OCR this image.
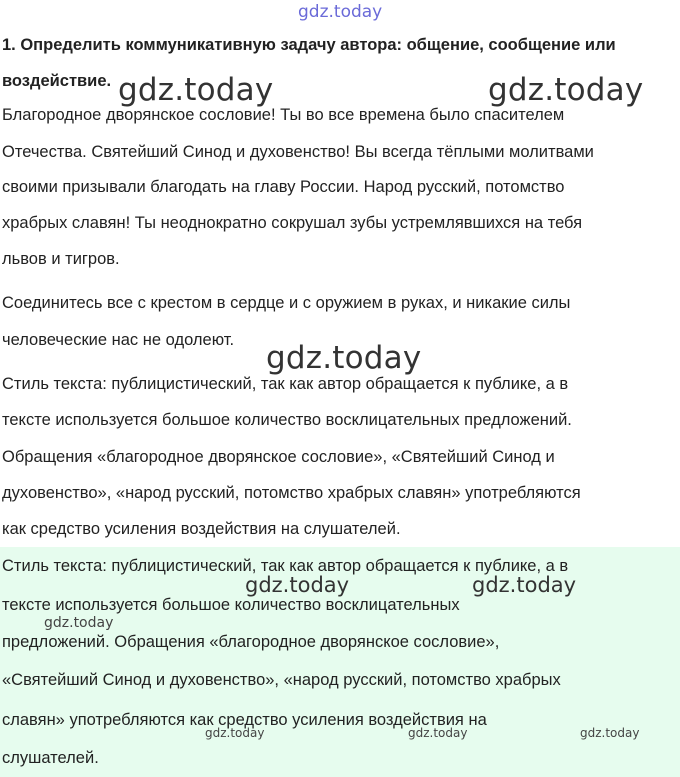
gdz.today
1. Определить коммуникативную задачу автора: общение, сообщение или
воздействие. gdz.today	gdz.today
Благородное дворянское сословие! Ты во все времена было спасителем
Отечества. Святейший Синод и духовенство! Вы всегда тёплыми молитвами
своими призывали благодать на главу России. Народ русский, потомство
храбрых славян! Ты неоднократно сокрушал зубы устремлявшихся на тебя
львов и тигров.
Соединитесь все с крестом в сердце и с оружием в руках, и никакие силы
человеческие нас не одолеют. gdz.today
Стиль текста: публицистический, так как автор обращается к публике, а в
тексте используется большое количество восклицательных предложений.
Обращения «благородное дворянское сословие», «Святейший Синод и
духовенство», «народ русский, потомство храбрых славян» употребляются
как средство усиления воздействия на слушателей.
Стиль текста: публицистический, так как автор обращается к публике, а в
тексте используется большое количество восклицательных
предложений. Обращения «благородное дворянское сословие»,
«Святейший Синод и духовенство», «народ русский, потомство храбрых
славян» употребляются как средство усиления воздействия на
слушателей.
gdz.today	gdz.today
gdz.today
gdz.today	gdz.today	gdz.today
